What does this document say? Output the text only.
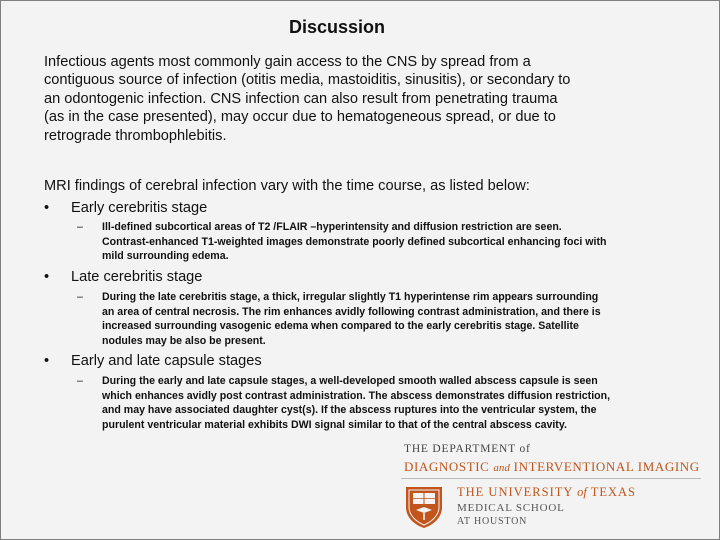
Discussion
Infectious agents most commonly gain access to the CNS by spread from a
contiguous source of infection (otitis media, mastoiditis, sinusitis), or secondary to
an odontogenic infection. CNS infection can also result from penetrating trauma
(as in the case presented), may occur due to hematogeneous spread, or due to
retrograde thrombophlebitis.
MRI findings of cerebral infection vary with the time course, as listed below:
• Early cerebritis stage
– Ill-defined subcortical areas of T2 /FLAIR –hyperintensity and diffusion restriction are seen.
Contrast-enhanced T1-weighted images demonstrate poorly defined subcortical enhancing foci with
mild surrounding edema.
• Late cerebritis stage
– During the late cerebritis stage, a thick, irregular slightly T1 hyperintense rim appears surrounding
an area of central necrosis. The rim enhances avidly following contrast administration, and there is
increased surrounding vasogenic edema when compared to the early cerebritis stage. Satellite
nodules may be also be present.
• Early and late capsule stages
– During the early and late capsule stages, a well-developed smooth walled abscess capsule is seen
which enhances avidly post contrast administration. The abscess demonstrates diffusion restriction,
and may have associated daughter cyst(s). If the abscess ruptures into the ventricular system, the
purulent ventricular material exhibits DWI signal similar to that of the central abscess cavity.
THE DEPARTMENT of
DIAGNOSTIC and INTERVENTIONAL IMAGING
THE UNIVERSITY of TEXAS
MEDICAL SCHOOL
AT HOUSTON
